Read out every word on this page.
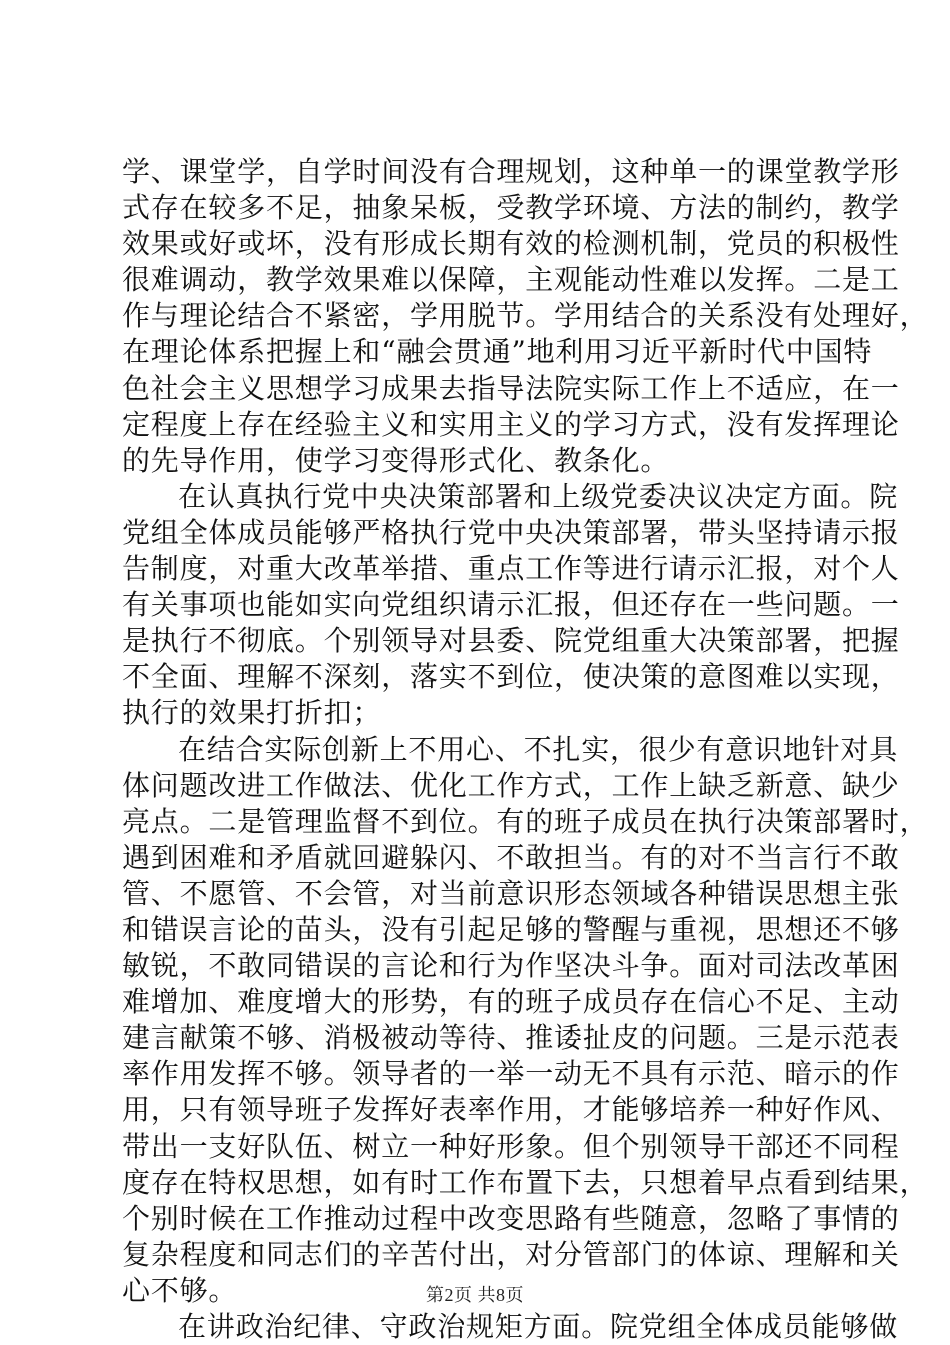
学、课堂学，自学时间没有合理规划，这种单一的课堂教学形
式存在较多不足，抽象呆板，受教学环境、方法的制约，教学
效果或好或坏，没有形成长期有效的检测机制，党员的积极性
很难调动，教学效果难以保障，主观能动性难以发挥。二是工
作与理论结合不紧密，学用脱节。学用结合的关系没有处理好，
在理论体系把握上和“融会贯通”地利用习近平新时代中国特
色社会主义思想学习成果去指导法院实际工作上不适应，在一
定程度上存在经验主义和实用主义的学习方式，没有发挥理论
的先导作用，使学习变得形式化、教条化。
在认真执行党中央决策部署和上级党委决议决定方面。院
党组全体成员能够严格执行党中央决策部署，带头坚持请示报
告制度，对重大改革举措、重点工作等进行请示汇报，对个人
有关事项也能如实向党组织请示汇报，但还存在一些问题。一
是执行不彻底。个别领导对县委、院党组重大决策部署，把握
不全面、理解不深刻，落实不到位，使决策的意图难以实现，
执行的效果打折扣；
在结合实际创新上不用心、不扎实，很少有意识地针对具
体问题改进工作做法、优化工作方式，工作上缺乏新意、缺少
亮点。二是管理监督不到位。有的班子成员在执行决策部署时，
遇到困难和矛盾就回避躲闪、不敢担当。有的对不当言行不敢
管、不愿管、不会管，对当前意识形态领域各种错误思想主张
和错误言论的苗头，没有引起足够的警醒与重视，思想还不够
敏锐，不敢同错误的言论和行为作坚决斗争。面对司法改革困
难增加、难度增大的形势，有的班子成员存在信心不足、主动
建言献策不够、消极被动等待、推诿扯皮的问题。三是示范表
率作用发挥不够。领导者的一举一动无不具有示范、暗示的作
用，只有领导班子发挥好表率作用，才能够培养一种好作风、
带出一支好队伍、树立一种好形象。但个别领导干部还不同程
度存在特权思想，如有时工作布置下去，只想着早点看到结果，
个别时候在工作推动过程中改变思路有些随意，忽略了事情的
复杂程度和同志们的辛苦付出，对分管部门的体谅、理解和关
心不够。
在讲政治纪律、守政治规矩方面。院党组全体成员能够做
第2页 共8页
